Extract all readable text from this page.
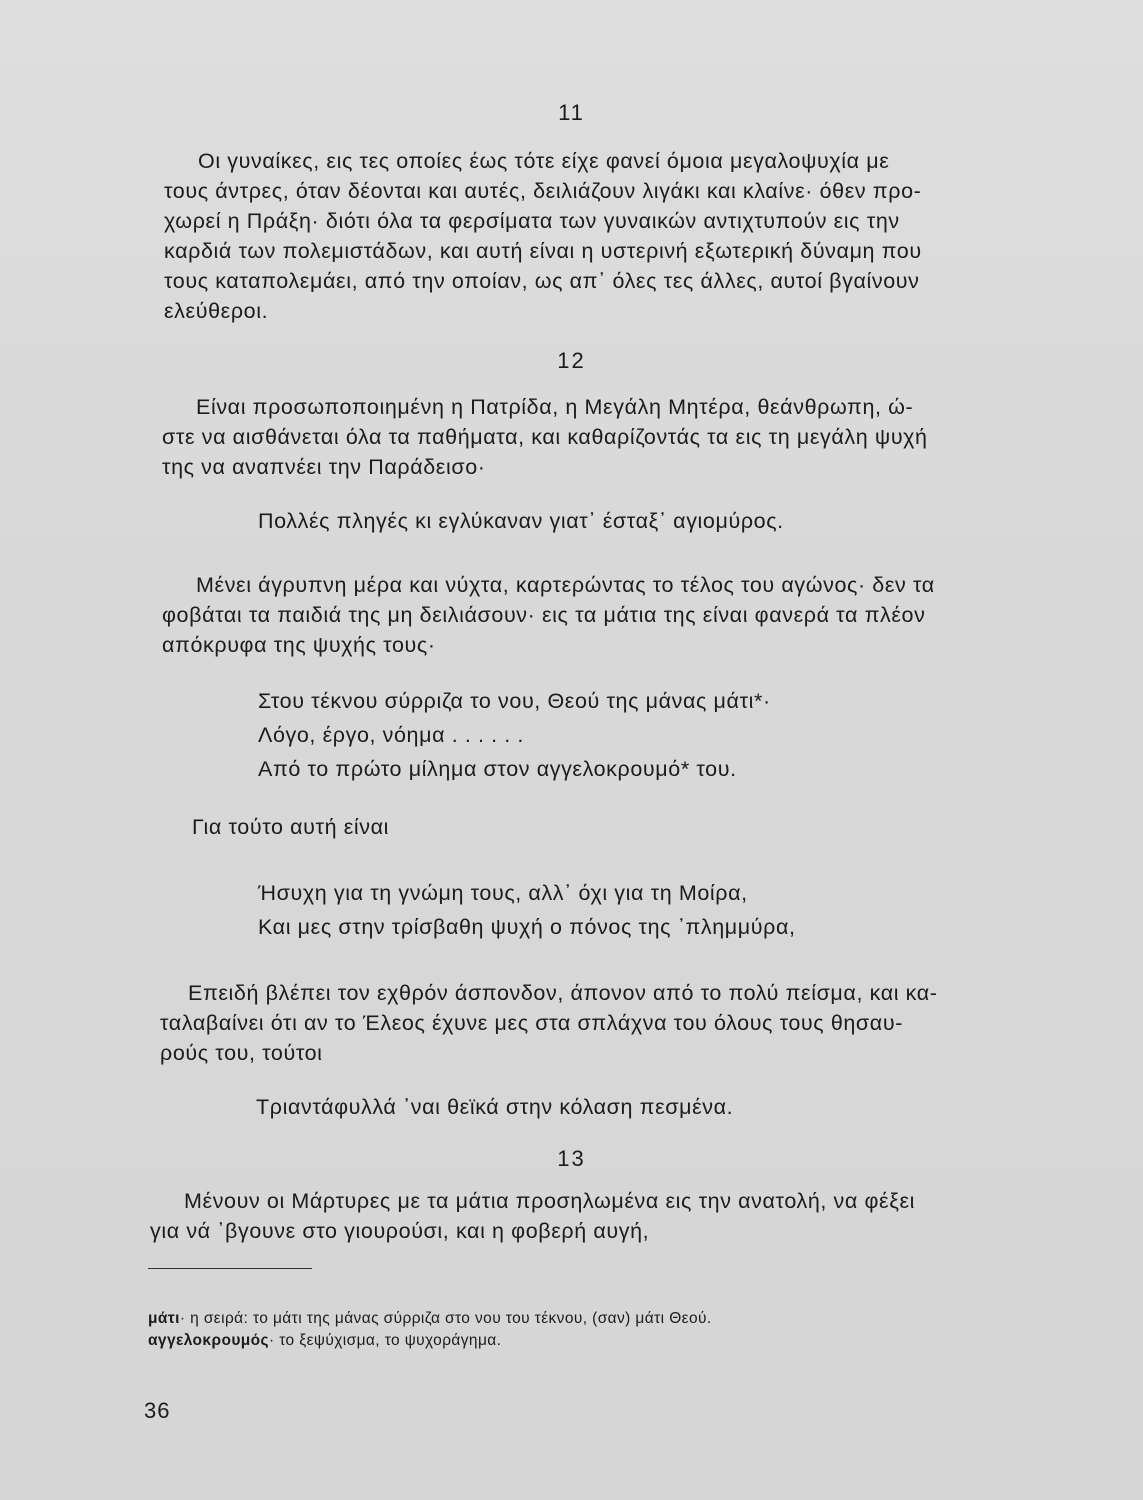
11
Οι γυναίκες, εις τες οποίες έως τότε είχε φανεί όμοια μεγαλοψυχία με
τους άντρες, όταν δέονται και αυτές, δειλιάζουν λιγάκι και κλαίνε· όθεν προ-
χωρεί η Πράξη· διότι όλα τα φερσίματα των γυναικών αντιχτυπούν εις την
καρδιά των πολεμιστάδων, και αυτή είναι η υστερινή εξωτερική δύναμη που
τους καταπολεμάει, από την οποίαν, ως απ᾽ όλες τες άλλες, αυτοί βγαίνουν
ελεύθεροι.
12
Είναι προσωποποιημένη η Πατρίδα, η Μεγάλη Μητέρα, θεάνθρωπη, ώ-
στε να αισθάνεται όλα τα παθήματα, και καθαρίζοντάς τα εις τη μεγάλη ψυχή
της να αναπνέει την Παράδεισο·
Πολλές πληγές κι εγλύκαναν γιατ᾽ έσταξ᾽ αγιομύρος.
Μένει άγρυπνη μέρα και νύχτα, καρτερώντας το τέλος του αγώνος· δεν τα
φοβάται τα παιδιά της μη δειλιάσουν· εις τα μάτια της είναι φανερά τα πλέον
απόκρυφα της ψυχής τους·
Στου τέκνου σύρριζα το νου, Θεού της μάνας μάτι*·
Λόγο, έργο, νόημα . . . . . .
Από το πρώτο μίλημα στον αγγελοκρουμό* του.
Για τούτο αυτή είναι
Ήσυχη για τη γνώμη τους, αλλ᾽ όχι για τη Μοίρα,
Και μες στην τρίσβαθη ψυχή ο πόνος της ᾽πλημμύρα,
Επειδή βλέπει τον εχθρόν άσπονδον, άπονον από το πολύ πείσμα, και κα-
ταλαβαίνει ότι αν το Έλεος έχυνε μες στα σπλάχνα του όλους τους θησαυ-
ρούς του, τούτοι
Τριαντάφυλλά ᾽ναι θεϊκά στην κόλαση πεσμένα.
13
Μένουν οι Μάρτυρες με τα μάτια προσηλωμένα εις την ανατολή, να φέξει
για νά ᾽βγουνε στο γιουρούσι, και η φοβερή αυγή,
μάτι· η σειρά: το μάτι της μάνας σύρριζα στο νου του τέκνου, (σαν) μάτι Θεού.
αγγελοκρουμός· το ξεψύχισμα, το ψυχοράγημα.
36
